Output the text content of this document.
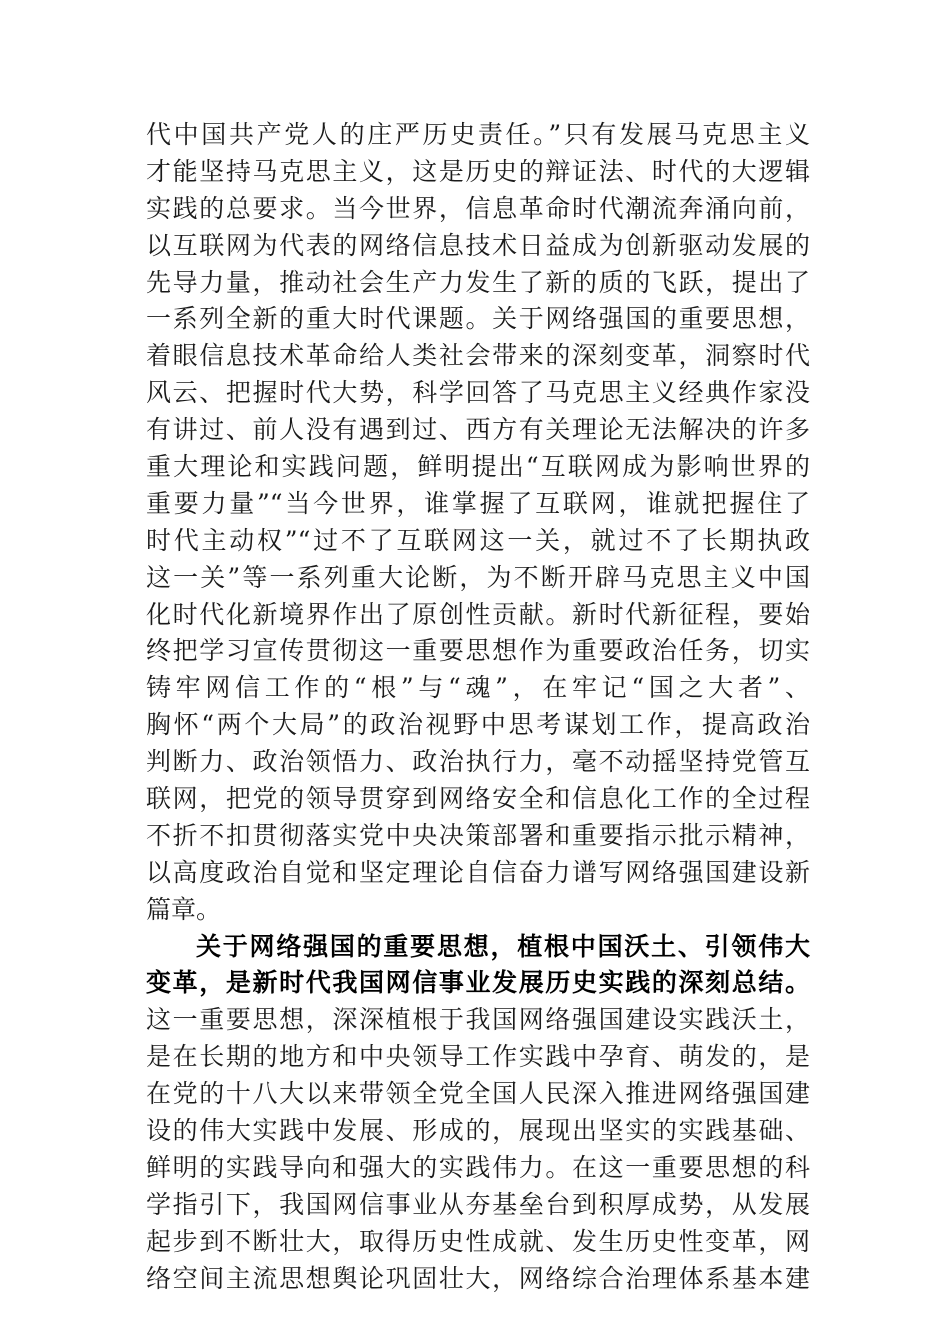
代中国共产党人的庄严历史责任。”只有发展马克思主义
才能坚持马克思主义，这是历史的辩证法、时代的大逻辑
实践的总要求。当今世界，信息革命时代潮流奔涌向前，
以互联网为代表的网络信息技术日益成为创新驱动发展的
先导力量，推动社会生产力发生了新的质的飞跃，提出了
一系列全新的重大时代课题。关于网络强国的重要思想，
着眼信息技术革命给人类社会带来的深刻变革，洞察时代
风云、把握时代大势，科学回答了马克思主义经典作家没
有讲过、前人没有遇到过、西方有关理论无法解决的许多
重大理论和实践问题，鲜明提出“互联网成为影响世界的
重要力量”“当今世界，谁掌握了互联网，谁就把握住了
时代主动权”“过不了互联网这一关，就过不了长期执政
这一关”等一系列重大论断，为不断开辟马克思主义中国
化时代化新境界作出了原创性贡献。新时代新征程，要始
终把学习宣传贯彻这一重要思想作为重要政治任务，切实
铸牢网信工作的“根”与“魂”，在牢记“国之大者”、
胸怀“两个大局”的政治视野中思考谋划工作，提高政治
判断力、政治领悟力、政治执行力，毫不动摇坚持党管互
联网，把党的领导贯穿到网络安全和信息化工作的全过程
不折不扣贯彻落实党中央决策部署和重要指示批示精神，
以高度政治自觉和坚定理论自信奋力谱写网络强国建设新
篇章。
关于网络强国的重要思想，植根中国沃土、引领伟大
变革，是新时代我国网信事业发展历史实践的深刻总结。
这一重要思想，深深植根于我国网络强国建设实践沃土，
是在长期的地方和中央领导工作实践中孕育、萌发的，是
在党的十八大以来带领全党全国人民深入推进网络强国建
设的伟大实践中发展、形成的，展现出坚实的实践基础、
鲜明的实践导向和强大的实践伟力。在这一重要思想的科
学指引下，我国网信事业从夯基垒台到积厚成势，从发展
起步到不断壮大，取得历史性成就、发生历史性变革，网
络空间主流思想舆论巩固壮大，网络综合治理体系基本建
